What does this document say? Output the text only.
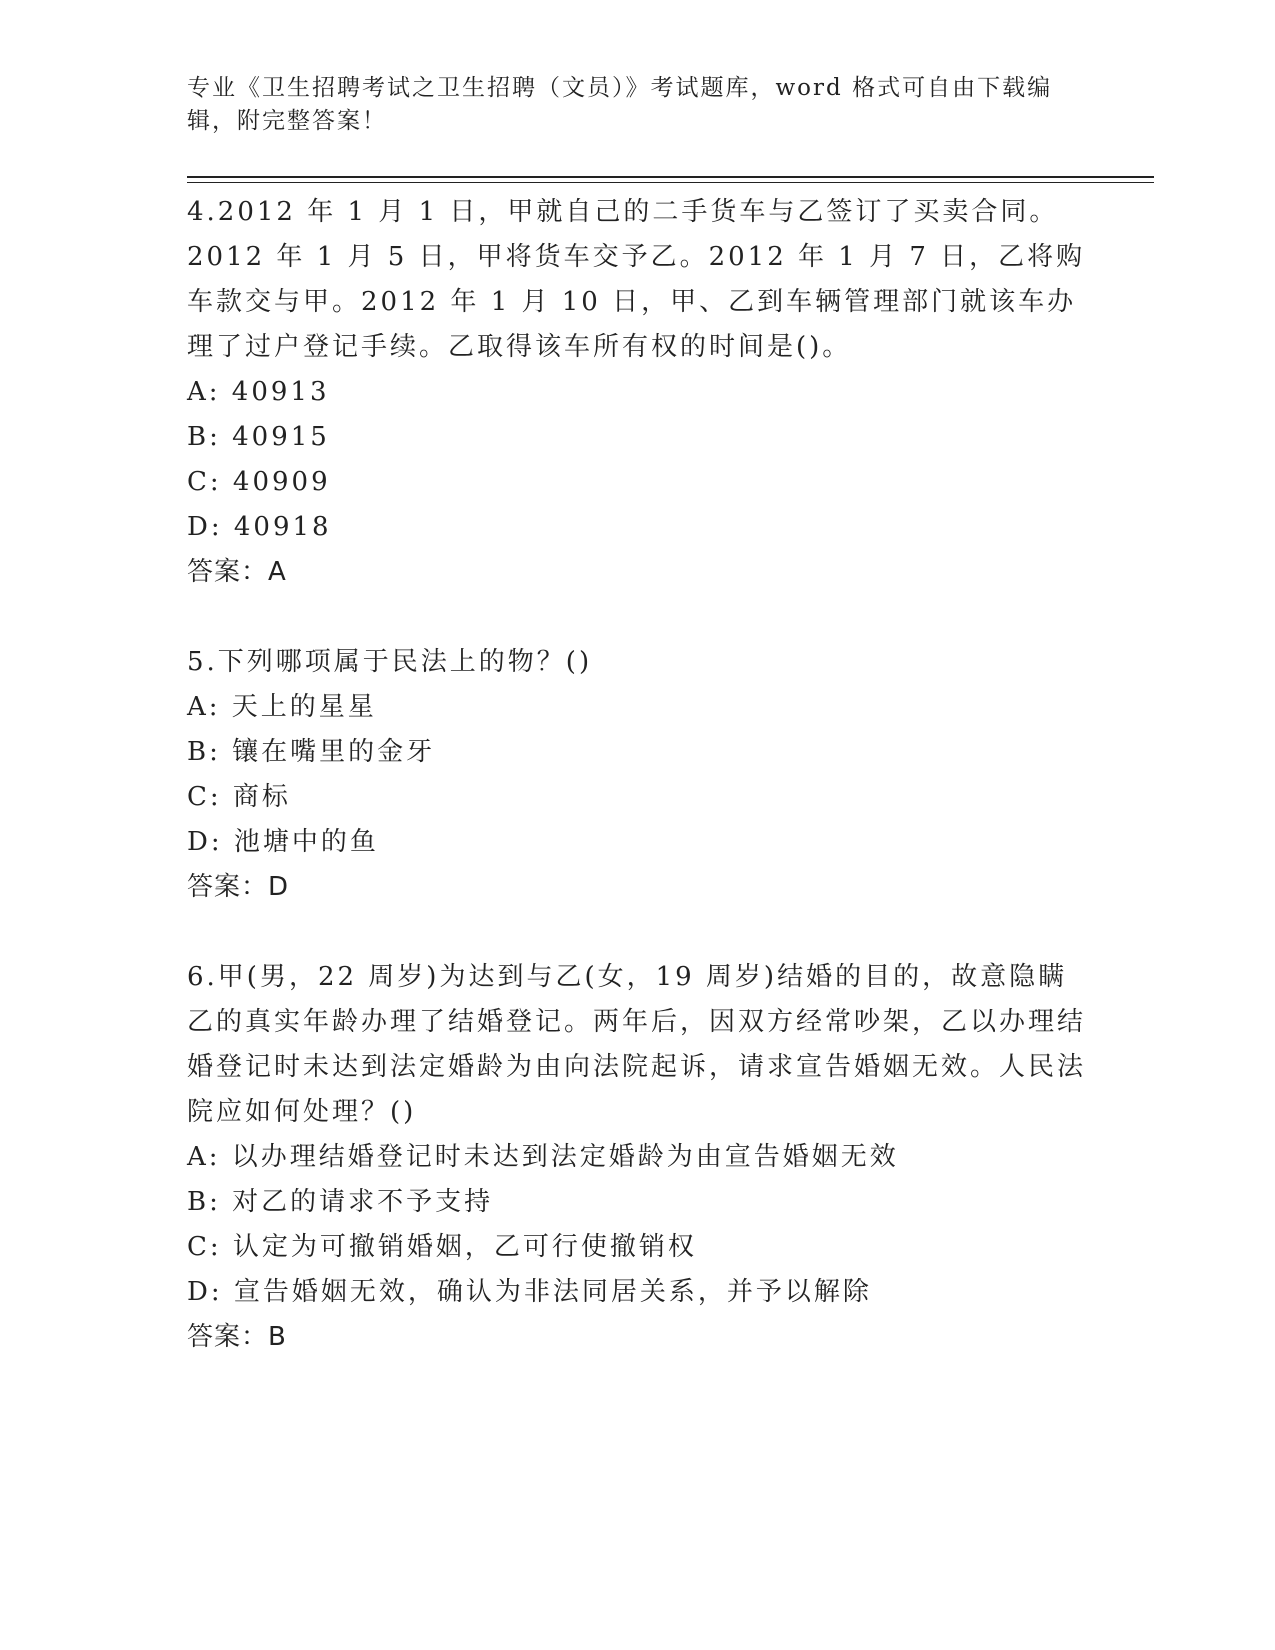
专业《卫生招聘考试之卫生招聘（文员）》考试题库，word 格式可自由下载编辑，附完整答案！

4.2012 年 1 月 1 日，甲就自己的二手货车与乙签订了买卖合同。2012 年 1 月 5 日，甲将货车交予乙。2012 年 1 月 7 日，乙将购车款交与甲。2012 年 1 月 10 日，甲、乙到车辆管理部门就该车办理了过户登记手续。乙取得该车所有权的时间是()。

A: 40913

B: 40915

C: 40909

D: 40918

答案：A

5.下列哪项属于民法上的物？()

A: 天上的星星

B: 镶在嘴里的金牙

C: 商标

D: 池塘中的鱼

答案：D

6.甲(男，22 周岁)为达到与乙(女，19 周岁)结婚的目的，故意隐瞒乙的真实年龄办理了结婚登记。两年后，因双方经常吵架，乙以办理结婚登记时未达到法定婚龄为由向法院起诉，请求宣告婚姻无效。人民法院应如何处理？()

A: 以办理结婚登记时未达到法定婚龄为由宣告婚姻无效

B: 对乙的请求不予支持

C: 认定为可撤销婚姻，乙可行使撤销权

D: 宣告婚姻无效，确认为非法同居关系，并予以解除

答案：B
